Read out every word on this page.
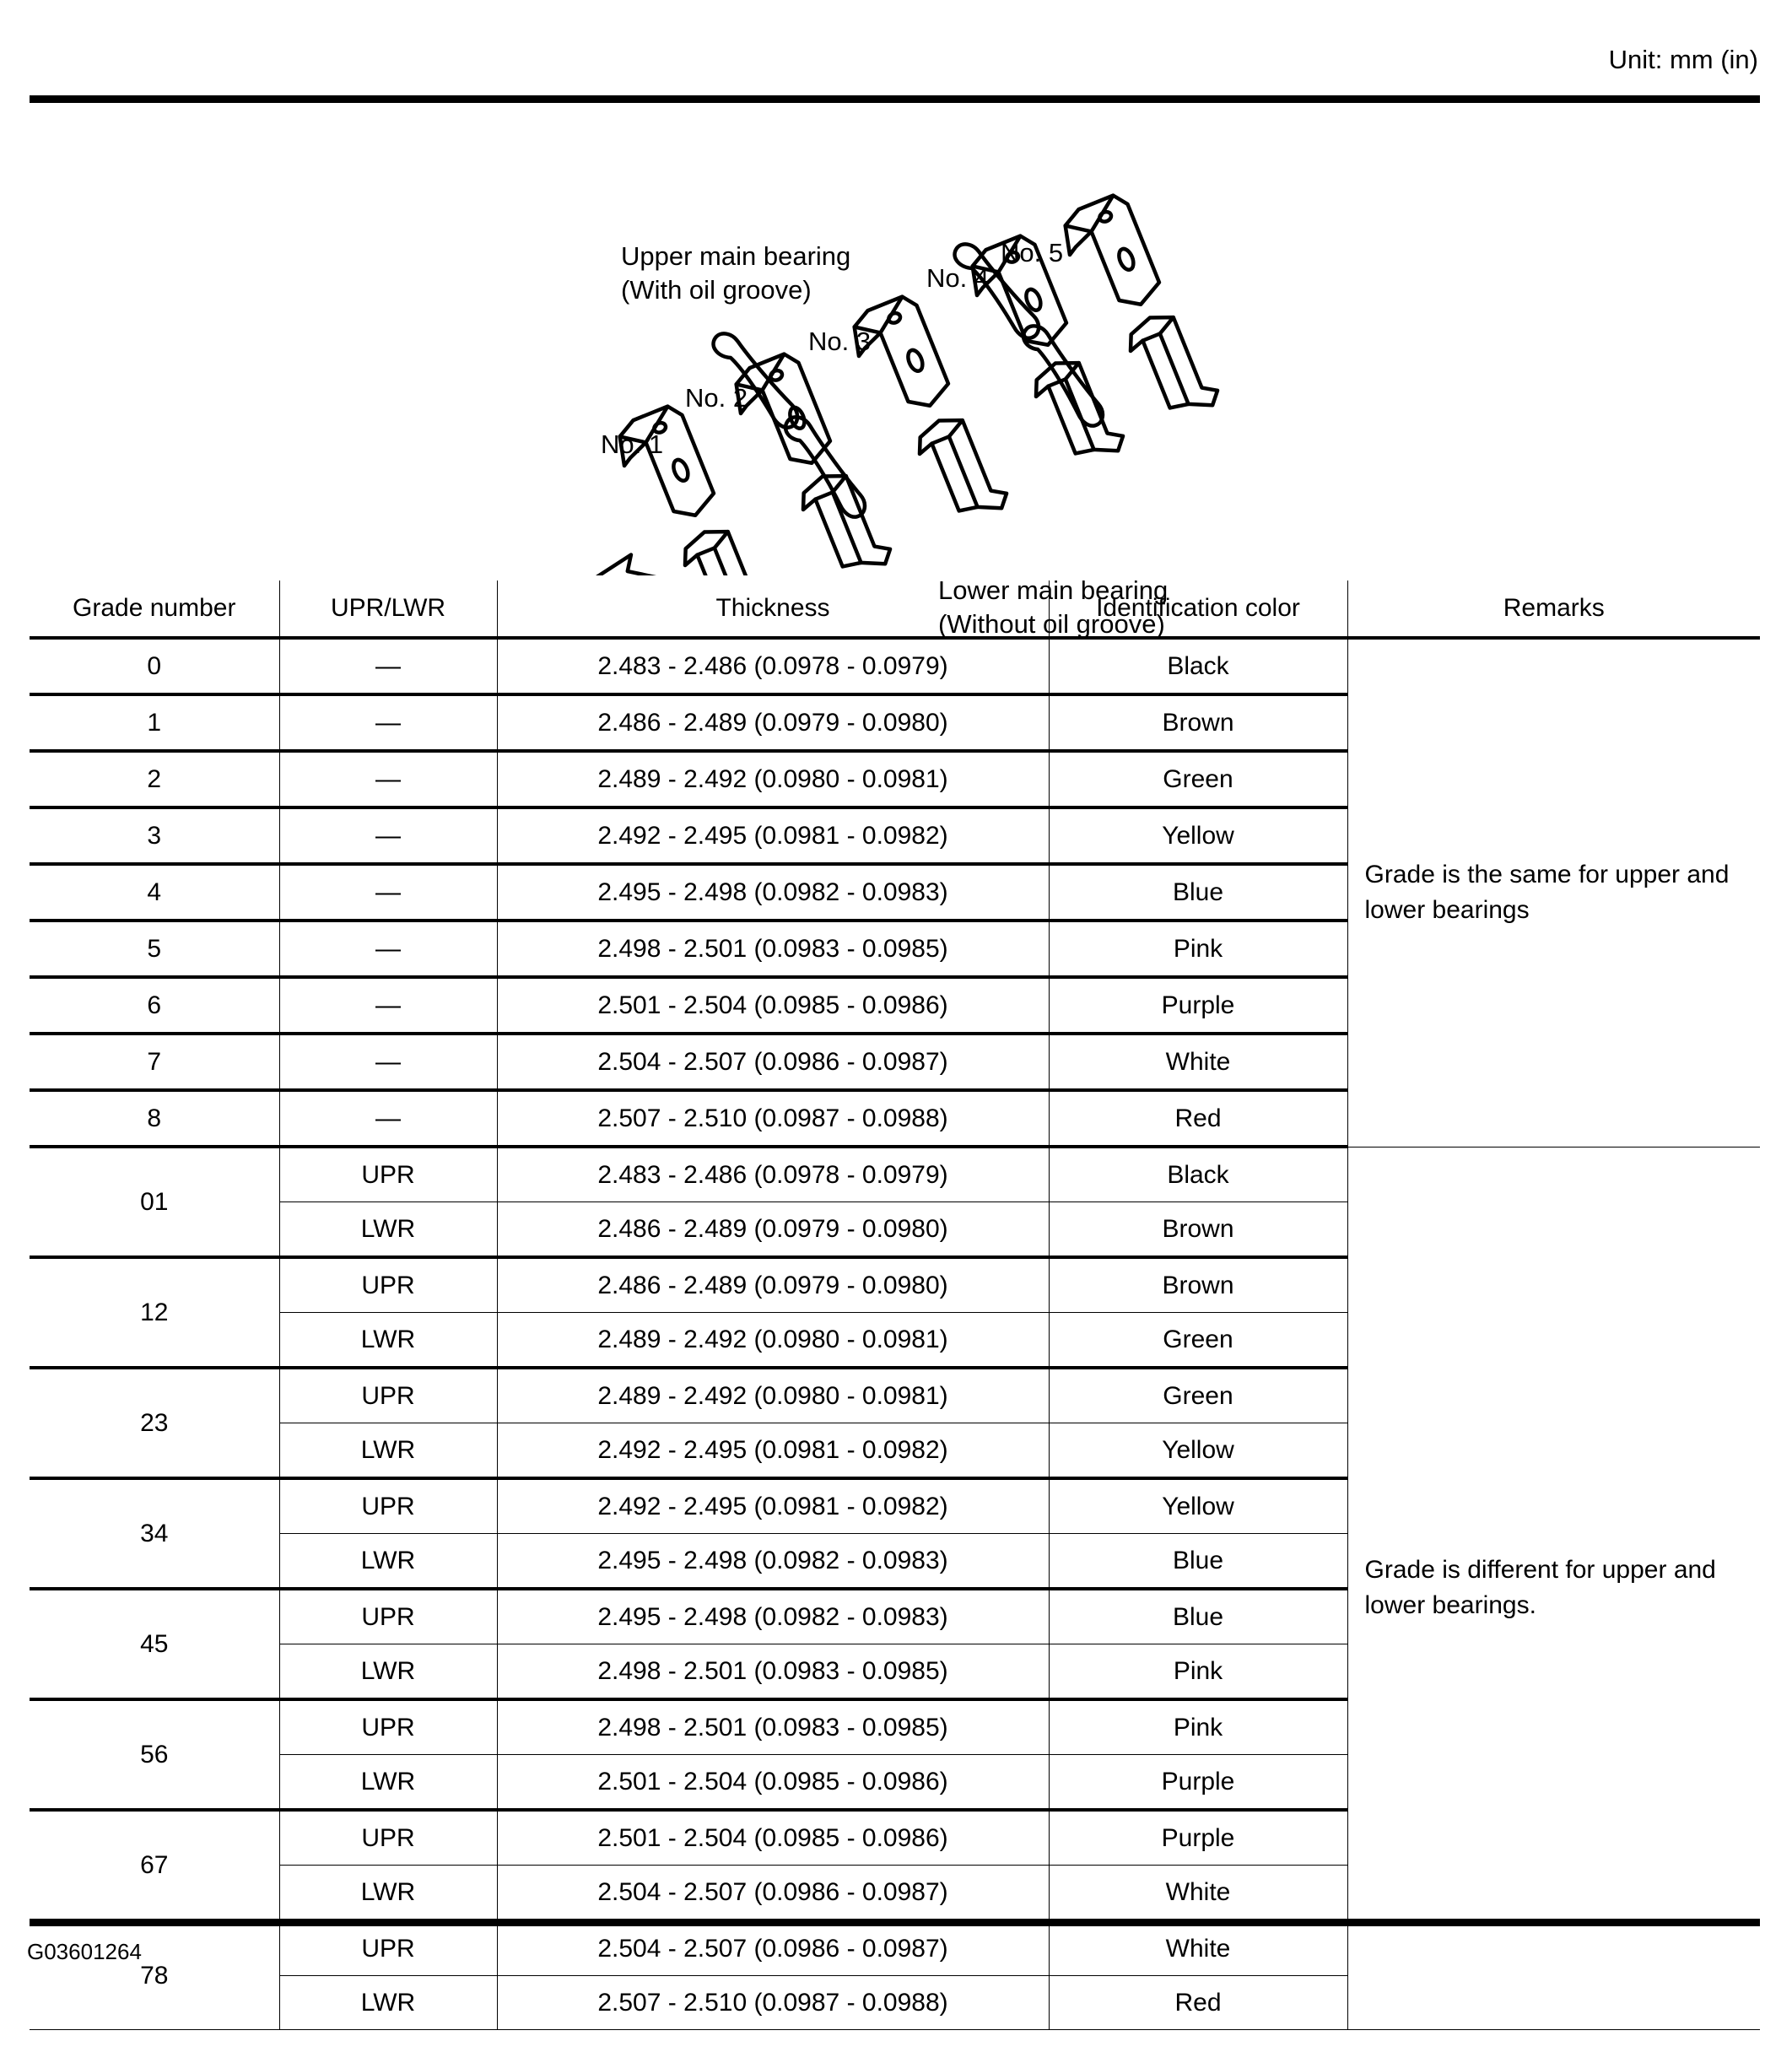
Unit: mm (in)
Upper main bearing
(With oil groove)
Lower main bearing
(Without oil groove)
No. 1
No. 2
No. 3
No. 4
No. 5
Grade number	UPR/LWR	Thickness	Identification color	Remarks
0	—	2.483 - 2.486 (0.0978 - 0.0979)	Black	Grade is the same for upper and lower bearings
1	—	2.486 - 2.489 (0.0979 - 0.0980)	Brown	
2	—	2.489 - 2.492 (0.0980 - 0.0981)	Green	
3	—	2.492 - 2.495 (0.0981 - 0.0982)	Yellow	
4	—	2.495 - 2.498 (0.0982 - 0.0983)	Blue	
5	—	2.498 - 2.501 (0.0983 - 0.0985)	Pink	
6	—	2.501 - 2.504 (0.0985 - 0.0986)	Purple	
7	—	2.504 - 2.507 (0.0986 - 0.0987)	White	
8	—	2.507 - 2.510 (0.0987 - 0.0988)	Red	
01	UPR	2.483 - 2.486 (0.0978 - 0.0979)	Black	Grade is different for upper and lower bearings.
	LWR	2.486 - 2.489 (0.0979 - 0.0980)	Brown	
12	UPR	2.486 - 2.489 (0.0979 - 0.0980)	Brown	
	LWR	2.489 - 2.492 (0.0980 - 0.0981)	Green	
23	UPR	2.489 - 2.492 (0.0980 - 0.0981)	Green	
	LWR	2.492 - 2.495 (0.0981 - 0.0982)	Yellow	
34	UPR	2.492 - 2.495 (0.0981 - 0.0982)	Yellow	
	LWR	2.495 - 2.498 (0.0982 - 0.0983)	Blue	
45	UPR	2.495 - 2.498 (0.0982 - 0.0983)	Blue	
	LWR	2.498 - 2.501 (0.0983 - 0.0985)	Pink	
56	UPR	2.498 - 2.501 (0.0983 - 0.0985)	Pink	
	LWR	2.501 - 2.504 (0.0985 - 0.0986)	Purple	
67	UPR	2.501 - 2.504 (0.0985 - 0.0986)	Purple	
	LWR	2.504 - 2.507 (0.0986 - 0.0987)	White	
78	UPR	2.504 - 2.507 (0.0986 - 0.0987)	White	
	LWR	2.507 - 2.510 (0.0987 - 0.0988)	Red	
G03601264
